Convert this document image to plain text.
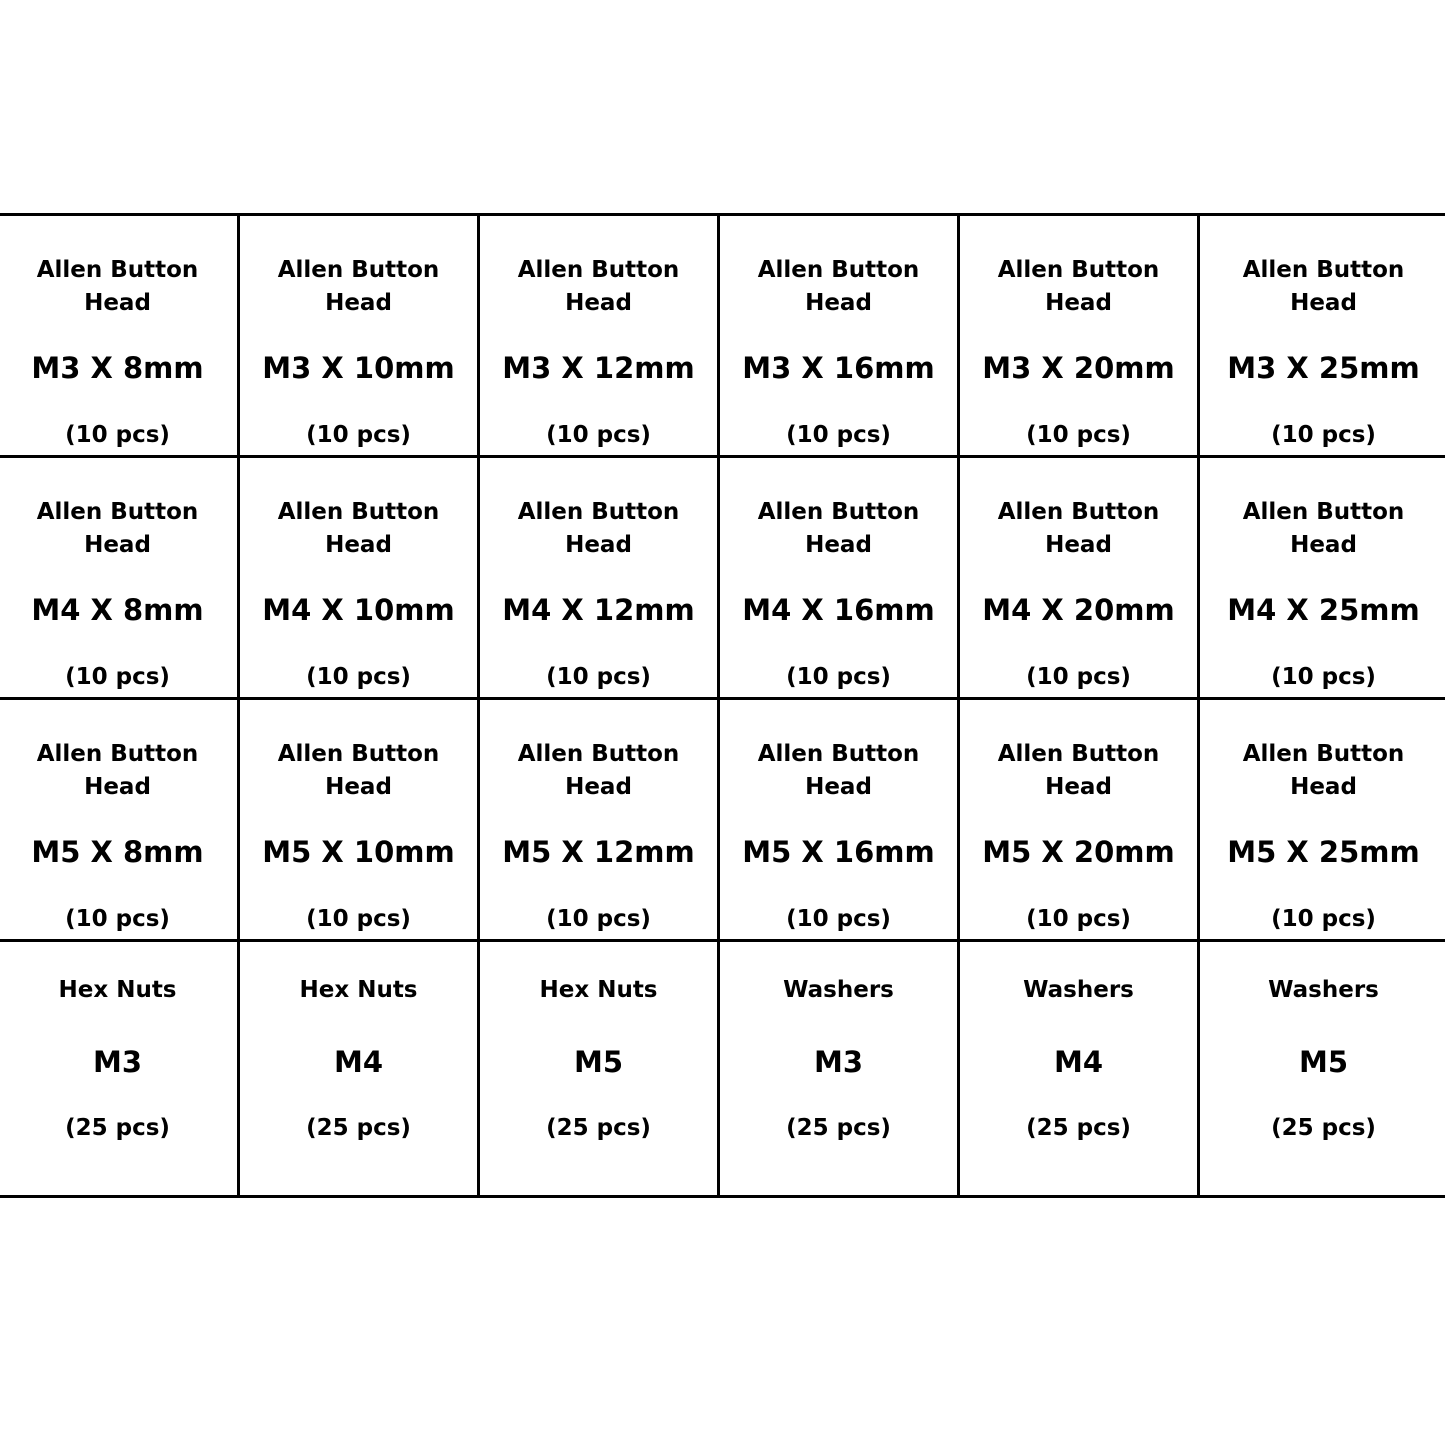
Allen Button
Head
M3 X 8mm
(10 pcs)
Allen Button
Head
M3 X 10mm
(10 pcs)
Allen Button
Head
M3 X 12mm
(10 pcs)
Allen Button
Head
M3 X 16mm
(10 pcs)
Allen Button
Head
M3 X 20mm
(10 pcs)
Allen Button
Head
M3 X 25mm
(10 pcs)
Allen Button
Head
M4 X 8mm
(10 pcs)
Allen Button
Head
M4 X 10mm
(10 pcs)
Allen Button
Head
M4 X 12mm
(10 pcs)
Allen Button
Head
M4 X 16mm
(10 pcs)
Allen Button
Head
M4 X 20mm
(10 pcs)
Allen Button
Head
M4 X 25mm
(10 pcs)
Allen Button
Head
M5 X 8mm
(10 pcs)
Allen Button
Head
M5 X 10mm
(10 pcs)
Allen Button
Head
M5 X 12mm
(10 pcs)
Allen Button
Head
M5 X 16mm
(10 pcs)
Allen Button
Head
M5 X 20mm
(10 pcs)
Allen Button
Head
M5 X 25mm
(10 pcs)
Hex Nuts
M3
(25 pcs)
Hex Nuts
M4
(25 pcs)
Hex Nuts
M5
(25 pcs)
Washers
M3
(25 pcs)
Washers
M4
(25 pcs)
Washers
M5
(25 pcs)
